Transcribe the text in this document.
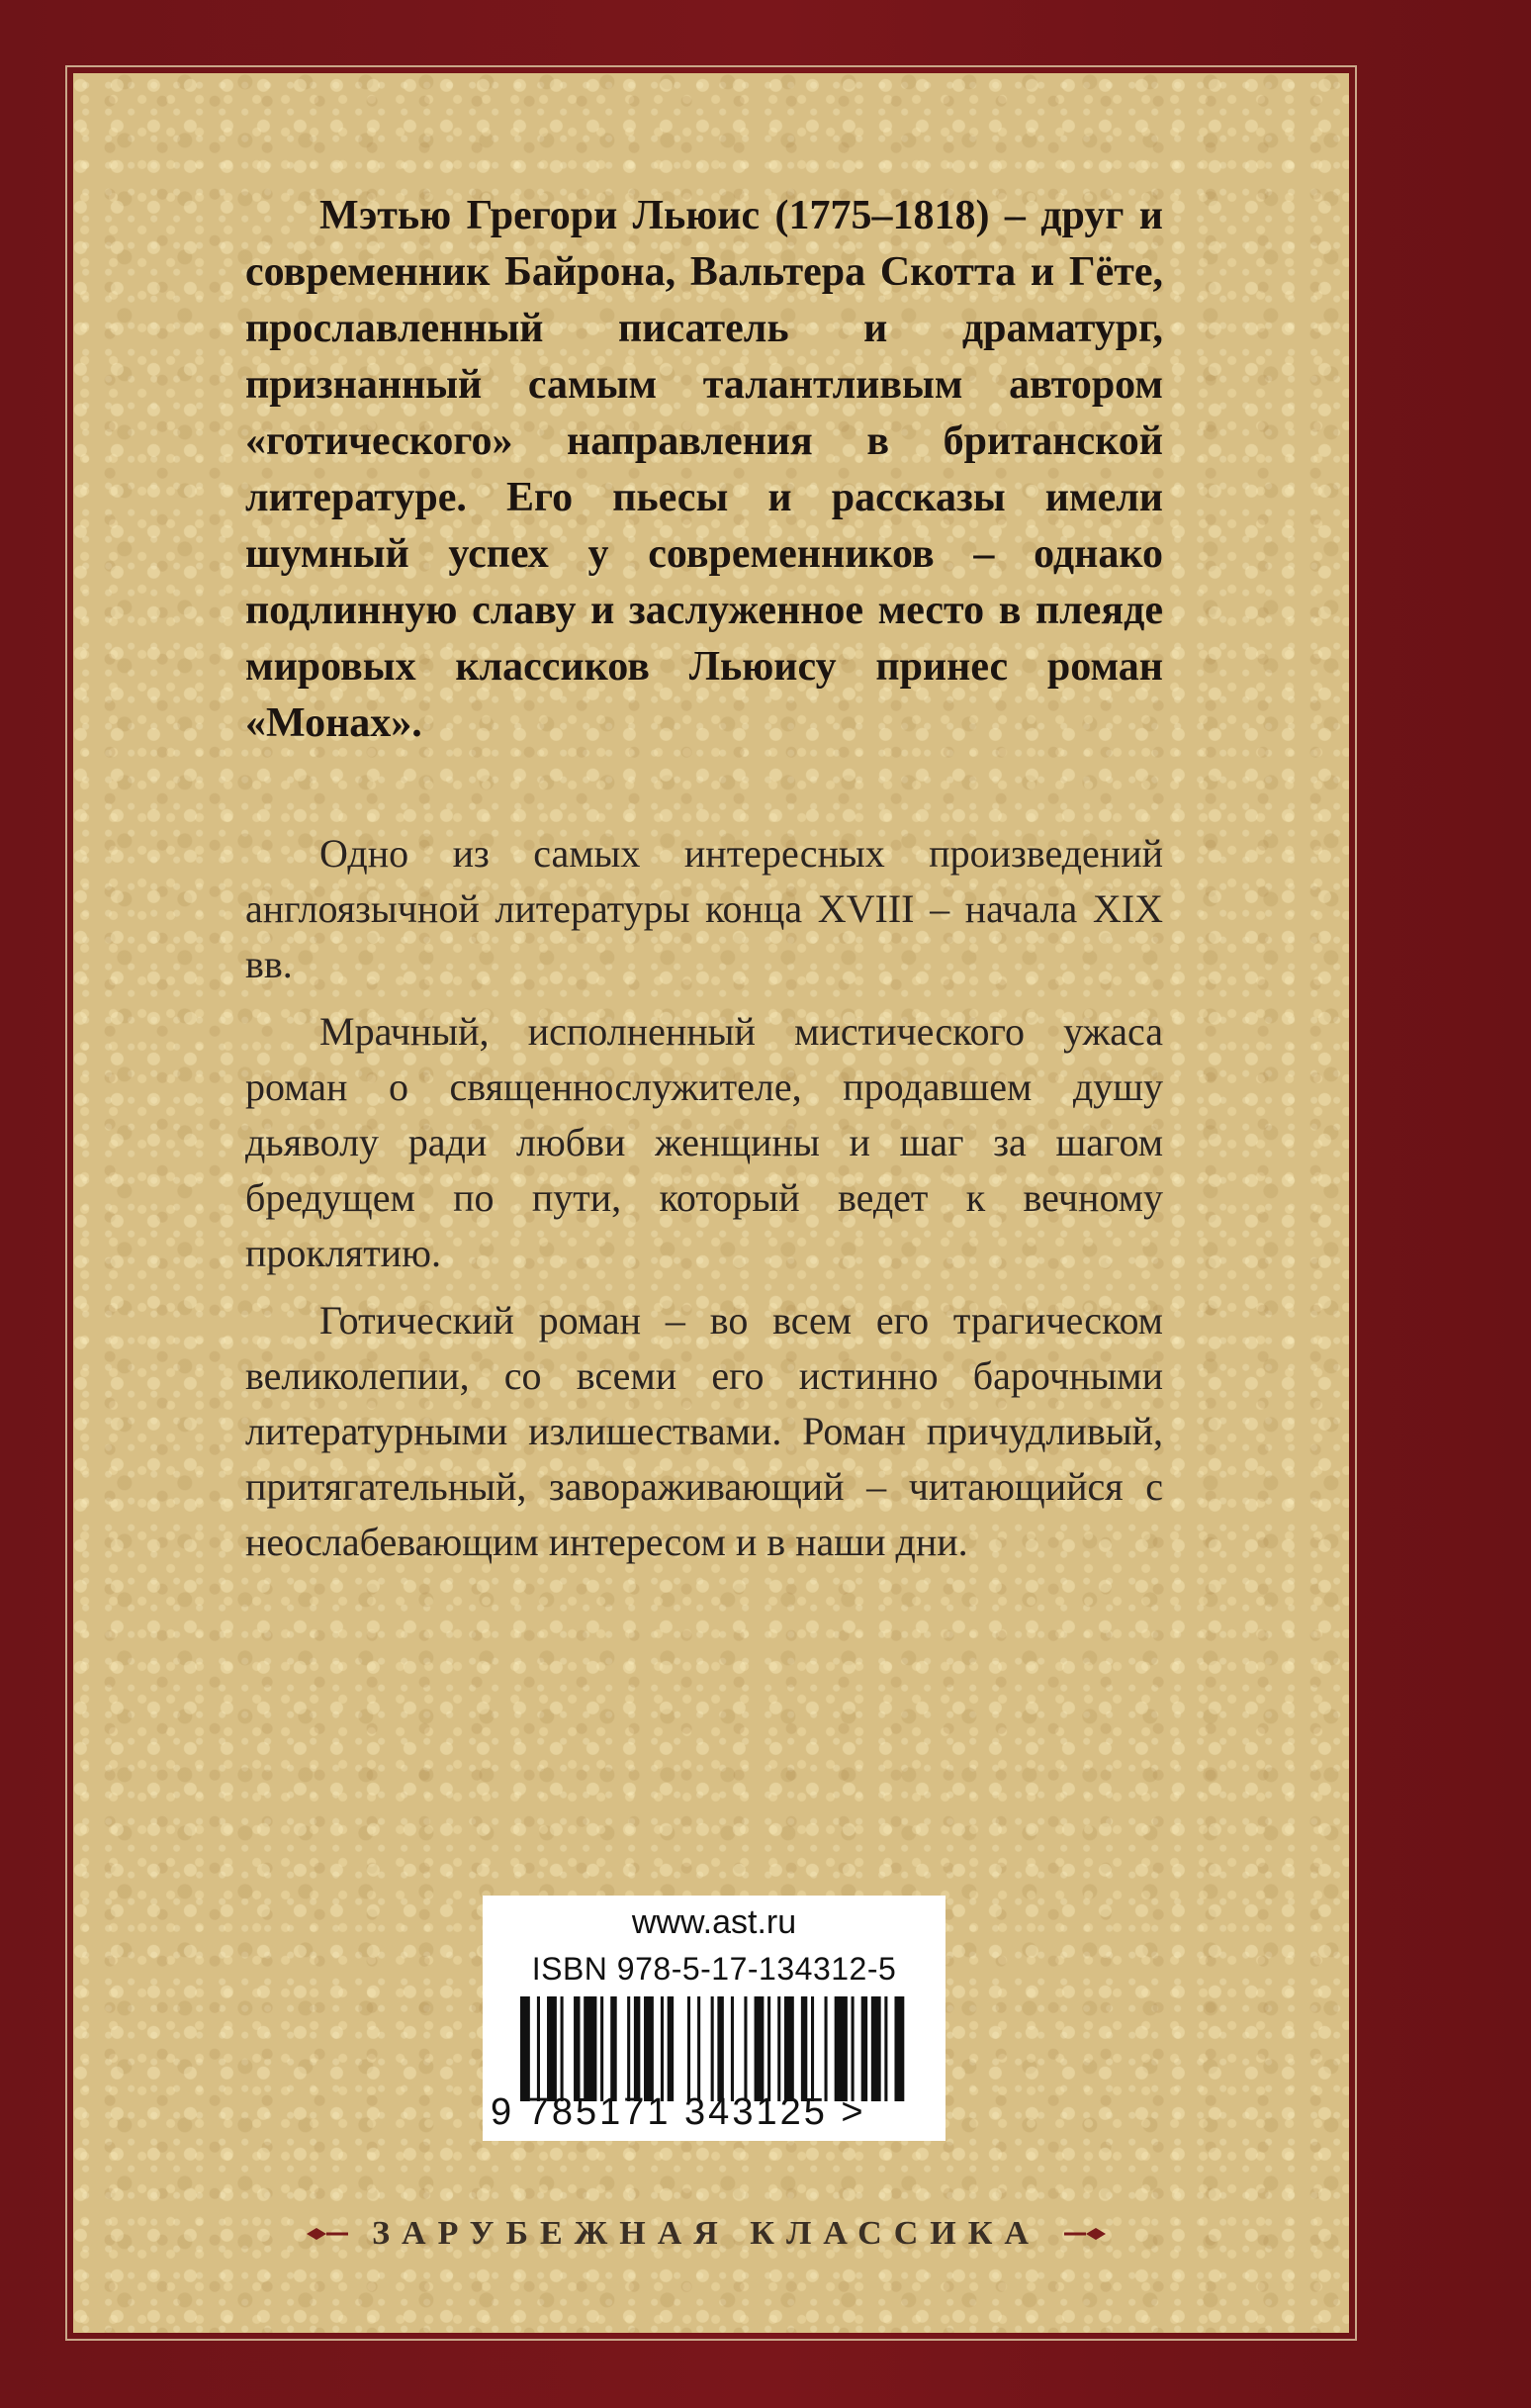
Мэтью Грегори Льюис (1775–1818) – друг и современник Байрона, Вальтера Скотта и Гёте, прославленный писатель и драматург, признанный самым талантливым автором «готического» направления в британской литературе. Его пьесы и рассказы имели шумный успех у современников – однако подлинную славу и заслуженное место в плеяде мировых классиков Льюису принес роман «Монах».

Одно из самых интересных произведений англоязычной литературы конца XVIII – начала XIX вв.

Мрачный, исполненный мистического ужаса роман о священнослужителе, продавшем душу дьяволу ради любви женщины и шаг за шагом бредущем по пути, который ведет к вечному проклятию.

Готический роман – во всем его трагическом великолепии, со всеми его истинно барочными литературными излишествами. Роман причудливый, притягательный, завораживающий – читающийся с неослабевающим интересом и в наши дни.

www.ast.ru
ISBN 978-5-17-134312-5
9 785171 343125 >
ЗАРУБЕЖНАЯ КЛАССИКА
